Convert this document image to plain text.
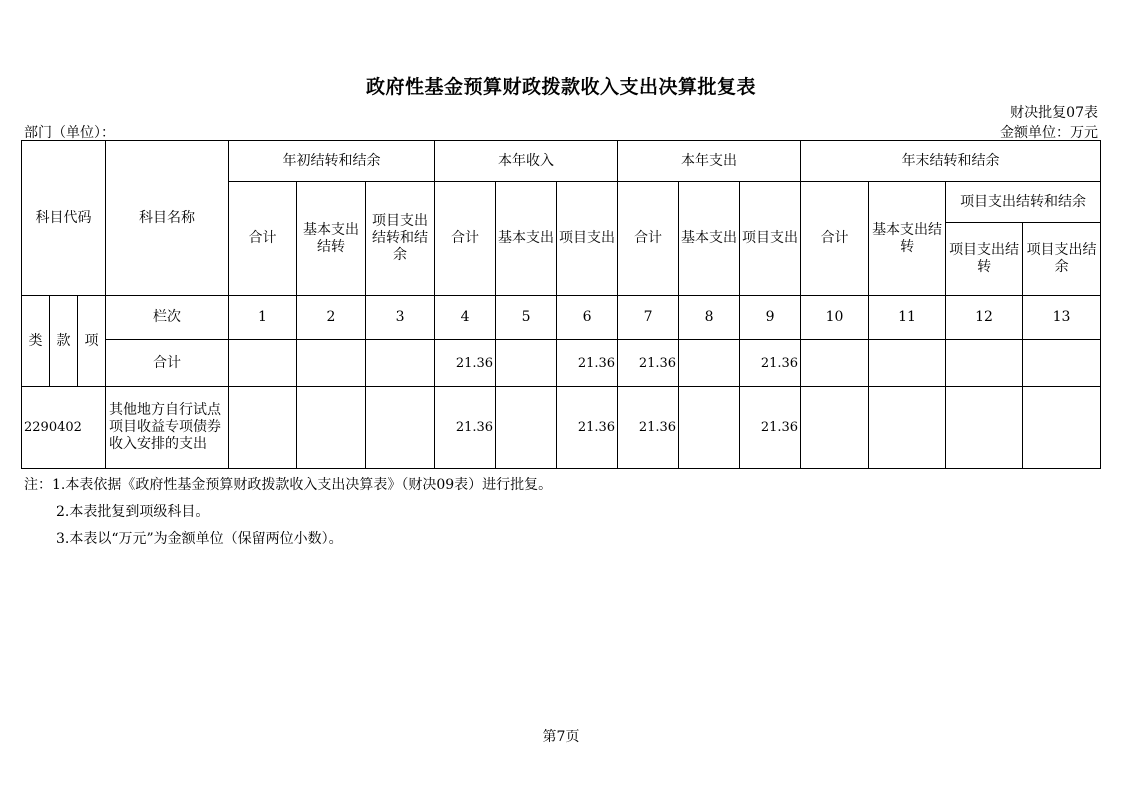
政府性基金预算财政拨款收入支出决算批复表
财决批复07表
部门（单位）：	金额单位：万元
科目代码			科目名称	年初结转和结余			本年收入			本年支出			年末结转和结余			
				合计	基本支出结转	项目支出结转和结余	合计	基本支出	项目支出	合计	基本支出	项目支出	合计	基本支出结转	项目支出结转和结余	
															项目支出结转	项目支出结余
类	款	项	栏次	1	2	3	4	5	6	7	8	9	10	11	12	13
			合计				21.36		21.36	21.36		21.36				
2290402			其他地方自行试点项目收益专项债券收入安排的支出				21.36		21.36	21.36		21.36				
注：1.本表依据《政府性基金预算财政拨款收入支出决算表》（财决09表）进行批复。
2.本表批复到项级科目。
3.本表以“万元”为金额单位（保留两位小数）。
第7页
